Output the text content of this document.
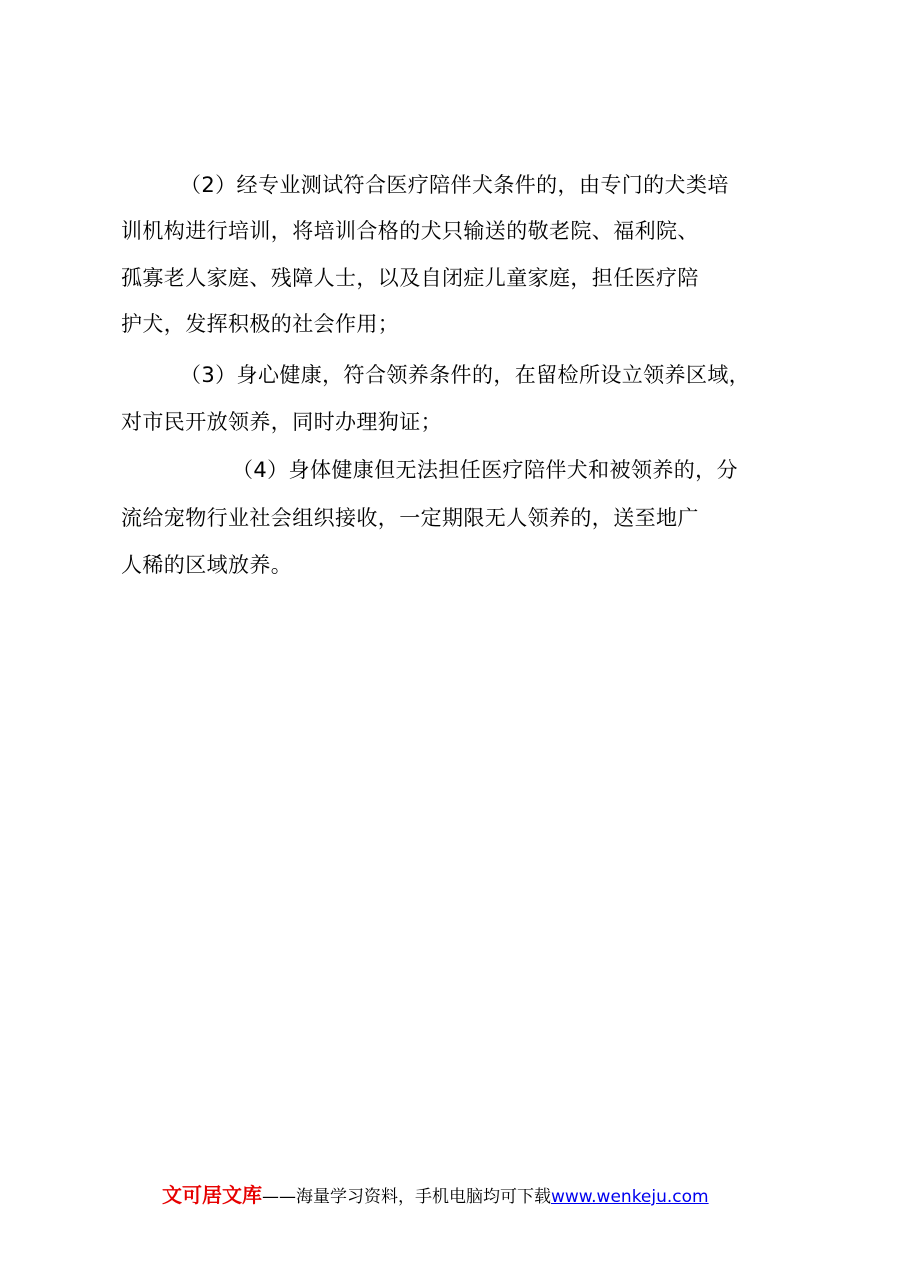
（2）经专业测试符合医疗陪伴犬条件的，由专门的犬类培
训机构进行培训，将培训合格的犬只输送的敬老院、福利院、
孤寡老人家庭、残障人士，以及自闭症儿童家庭，担任医疗陪
护犬，发挥积极的社会作用；
（3）身心健康，符合领养条件的，在留检所设立领养区域，
对市民开放领养，同时办理狗证；
（4）身体健康但无法担任医疗陪伴犬和被领养的，分
流给宠物行业社会组织接收，一定期限无人领养的，送至地广
人稀的区域放养。
文可居文库——海量学习资料，手机电脑均可下载www.wenkeju.com
